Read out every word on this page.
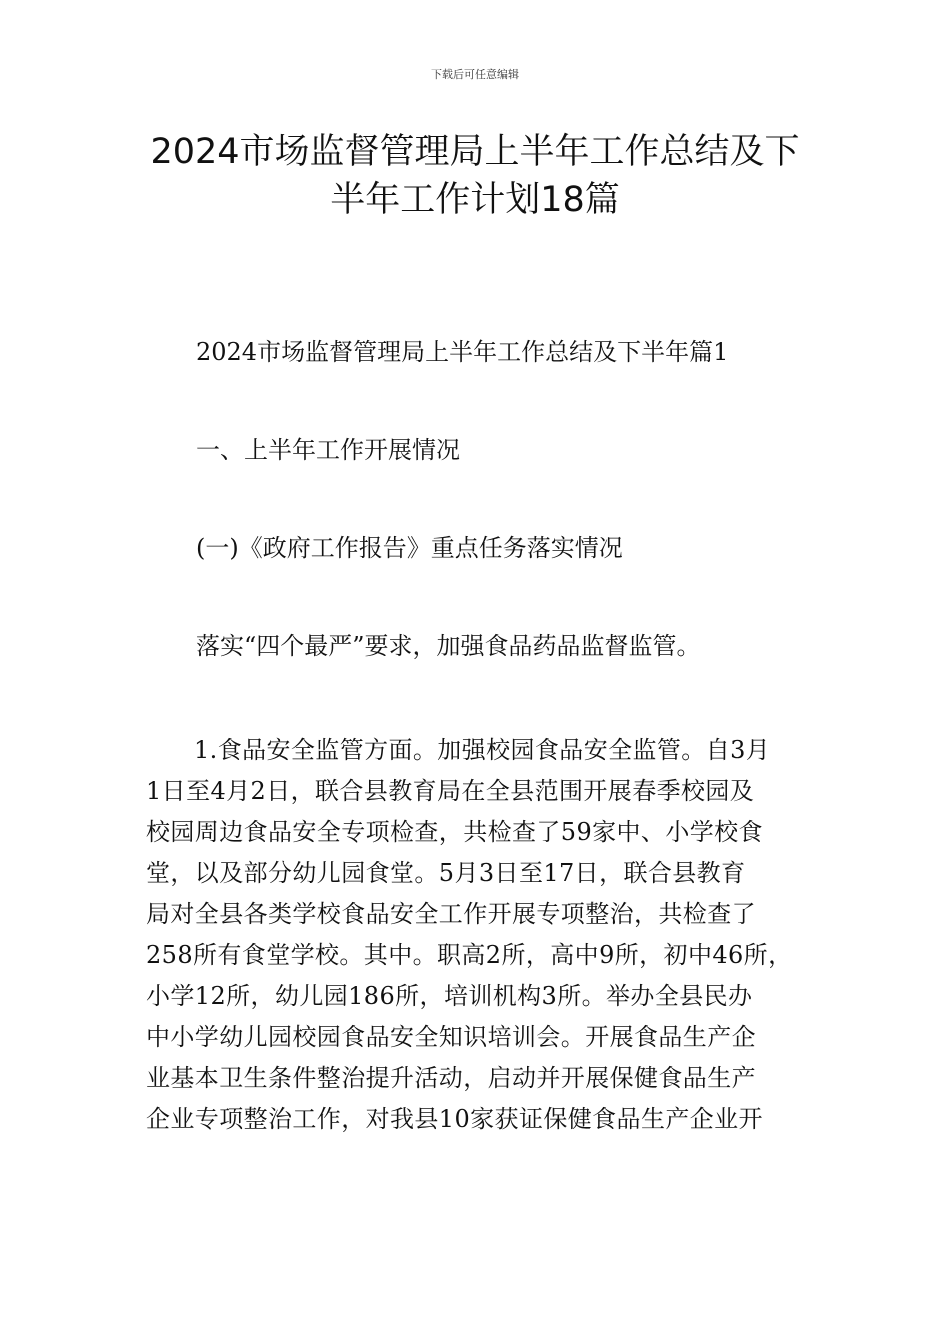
下载后可任意编辑
2024市场监督管理局上半年工作总结及下
半年工作计划18篇

2024市场监督管理局上半年工作总结及下半年篇1

一、上半年工作开展情况

(一)《政府工作报告》重点任务落实情况

落实“四个最严”要求，加强食品药品监督监管。

1.食品安全监管方面。加强校园食品安全监管。自3月
1日至4月2日，联合县教育局在全县范围开展春季校园及
校园周边食品安全专项检查，共检查了59家中、小学校食
堂，以及部分幼儿园食堂。5月3日至17日，联合县教育
局对全县各类学校食品安全工作开展专项整治，共检查了
258所有食堂学校。其中。职高2所，高中9所，初中46所，
小学12所，幼儿园186所，培训机构3所。举办全县民办
中小学幼儿园校园食品安全知识培训会。开展食品生产企
业基本卫生条件整治提升活动，启动并开展保健食品生产
企业专项整治工作，对我县10家获证保健食品生产企业开
